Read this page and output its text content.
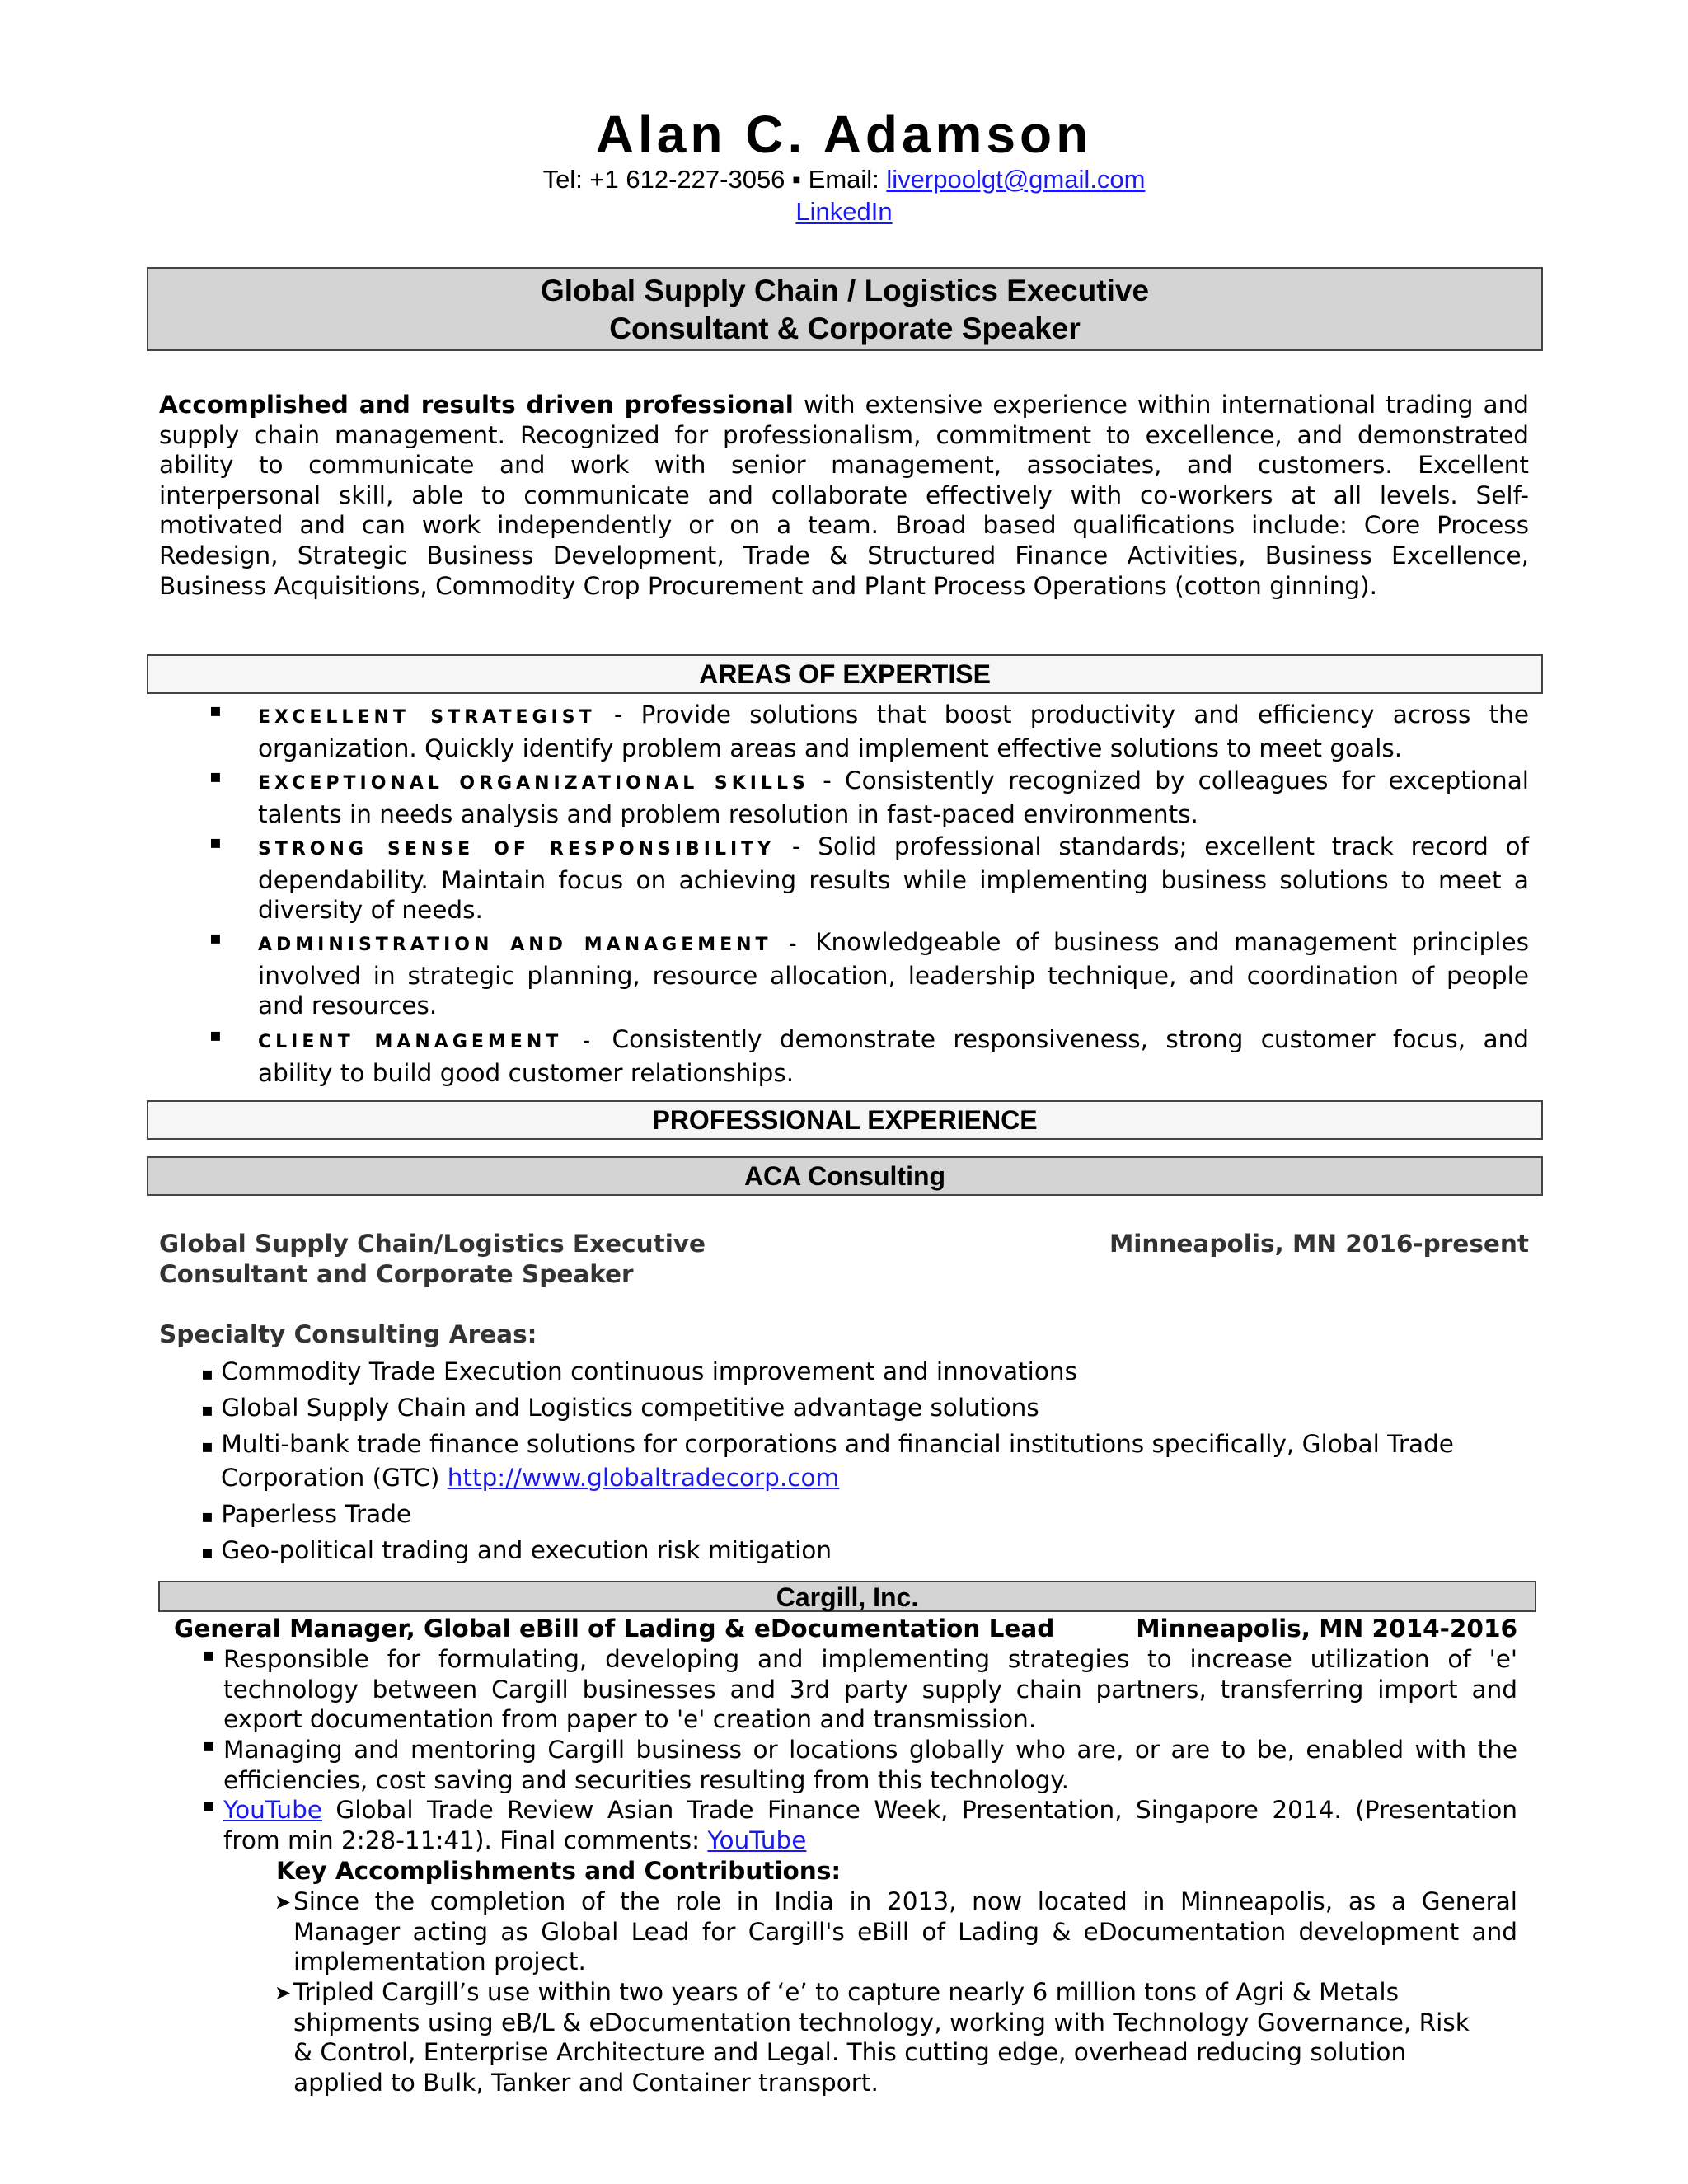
Alan C. Adamson
Tel: +1 612-227-3056 ▪ Email: liverpoolgt@gmail.com
LinkedIn
Global Supply Chain / Logistics Executive
Consultant & Corporate Speaker
Accomplished and results driven professional with extensive experience within international trading and
supply chain management. Recognized for professionalism, commitment to excellence, and demonstrated
ability to communicate and work with senior management, associates, and customers. Excellent
interpersonal skill, able to communicate and collaborate effectively with co-workers at all levels. Self-
motivated and can work independently or on a team. Broad based qualifications include: Core Process
Redesign, Strategic Business Development, Trade & Structured Finance Activities, Business Excellence,
Business Acquisitions, Commodity Crop Procurement and Plant Process Operations (cotton ginning).
AREAS OF EXPERTISE
▪ EXCELLENT STRATEGIST - Provide solutions that boost productivity and efficiency across the
organization. Quickly identify problem areas and implement effective solutions to meet goals.
▪ EXCEPTIONAL ORGANIZATIONAL SKILLS - Consistently recognized by colleagues for exceptional
talents in needs analysis and problem resolution in fast-paced environments.
▪ STRONG SENSE OF RESPONSIBILITY - Solid professional standards; excellent track record of
dependability. Maintain focus on achieving results while implementing business solutions to meet a
diversity of needs.
▪ ADMINISTRATION AND MANAGEMENT - Knowledgeable of business and management principles
involved in strategic planning, resource allocation, leadership technique, and coordination of people
and resources.
▪ CLIENT MANAGEMENT - Consistently demonstrate responsiveness, strong customer focus, and
ability to build good customer relationships.
PROFESSIONAL EXPERIENCE
ACA Consulting
Global Supply Chain/Logistics Executive
Consultant and Corporate Speaker
Minneapolis, MN 2016-present
Specialty Consulting Areas:
▪ Commodity Trade Execution continuous improvement and innovations
▪ Global Supply Chain and Logistics competitive advantage solutions
▪ Multi-bank trade finance solutions for corporations and financial institutions specifically, Global Trade
Corporation (GTC) http://www.globaltradecorp.com
▪ Paperless Trade
▪ Geo-political trading and execution risk mitigation
Cargill, Inc.
General Manager, Global eBill of Lading & eDocumentation Lead	Minneapolis, MN 2014-2016
▪ Responsible for formulating, developing and implementing strategies to increase utilization of 'e'
technology between Cargill businesses and 3rd party supply chain partners, transferring import and
export documentation from paper to 'e' creation and transmission.
▪ Managing and mentoring Cargill business or locations globally who are, or are to be, enabled with the
efficiencies, cost saving and securities resulting from this technology.
▪ YouTube Global Trade Review Asian Trade Finance Week, Presentation, Singapore 2014. (Presentation
from min 2:28-11:41). Final comments: YouTube
Key Accomplishments and Contributions:
➤ Since the completion of the role in India in 2013, now located in Minneapolis, as a General
Manager acting as Global Lead for Cargill's eBill of Lading & eDocumentation development and
implementation project.
➤ Tripled Cargill’s use within two years of ‘e’ to capture nearly 6 million tons of Agri & Metals
shipments using eB/L & eDocumentation technology, working with Technology Governance, Risk
& Control, Enterprise Architecture and Legal. This cutting edge, overhead reducing solution
applied to Bulk, Tanker and Container transport.
